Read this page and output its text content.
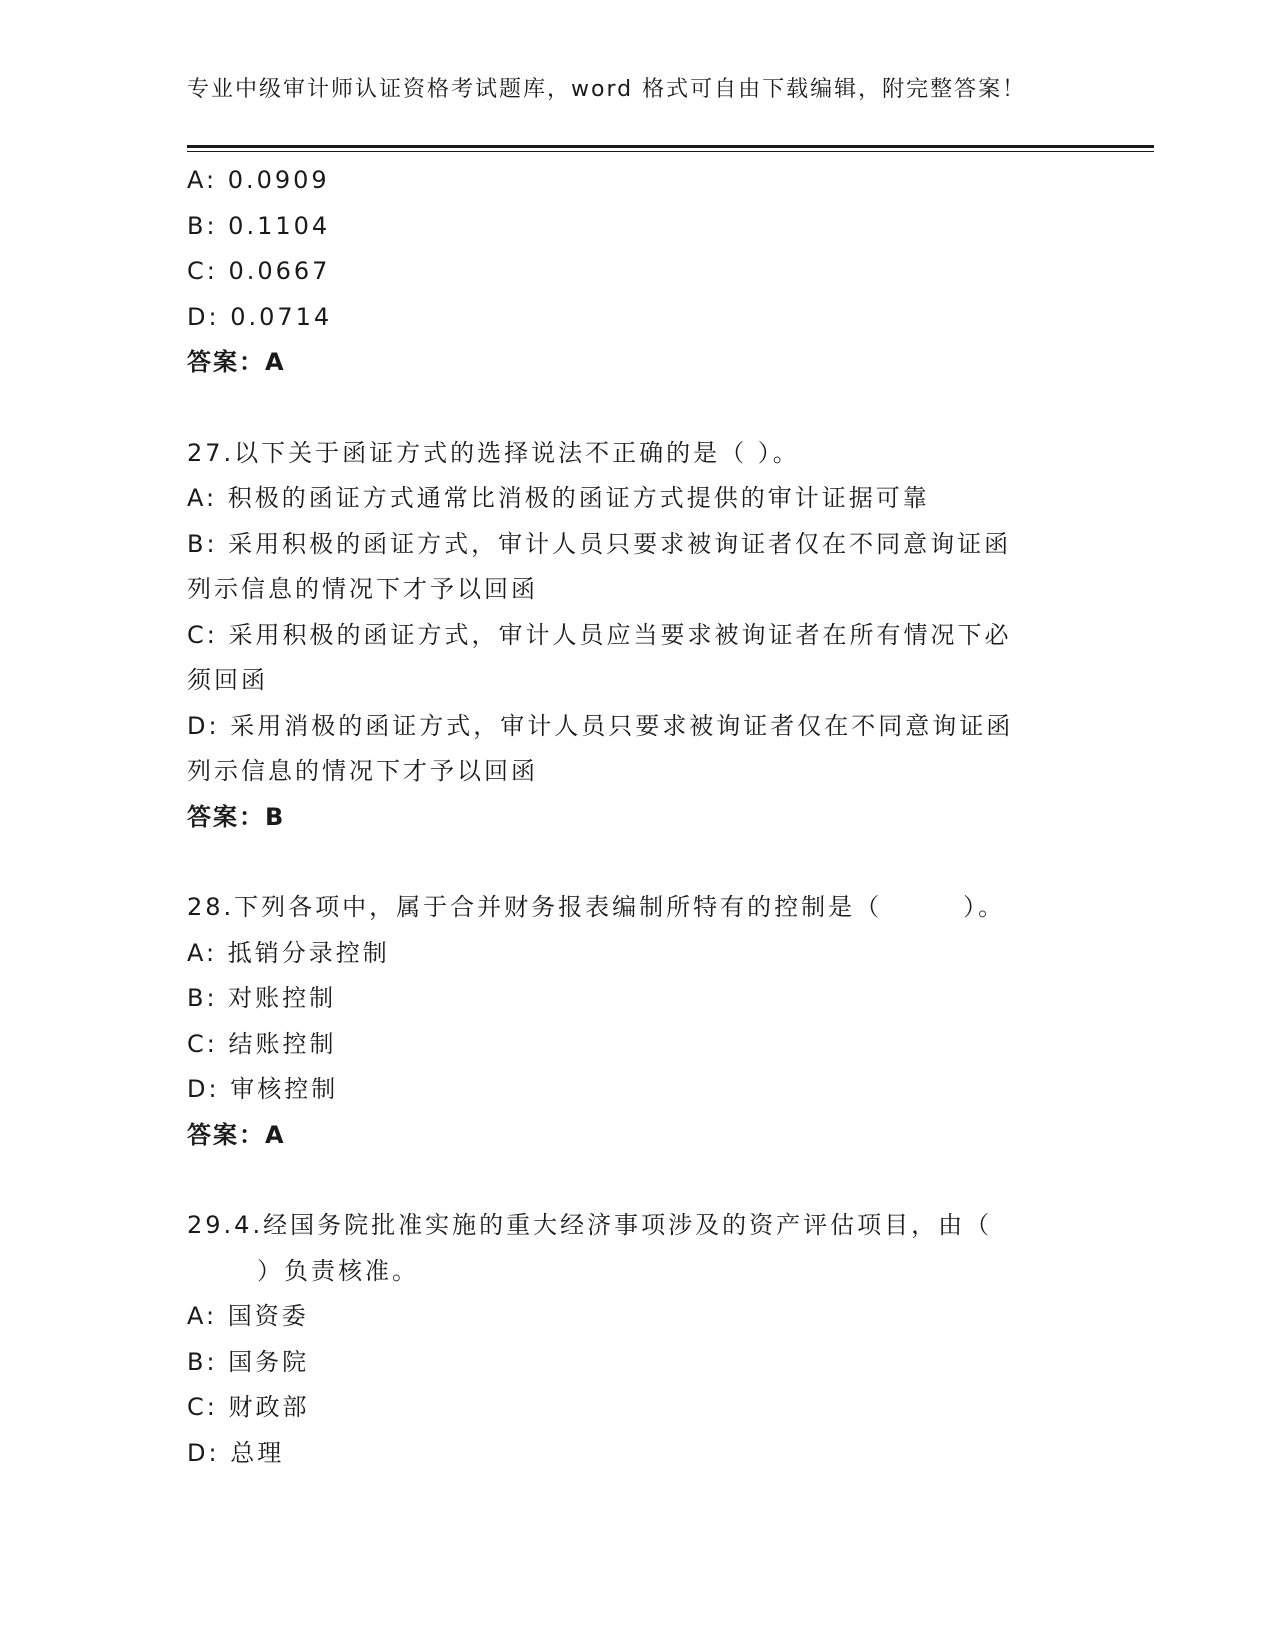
专业中级审计师认证资格考试题库，word 格式可自由下载编辑，附完整答案！
A: 0.0909
B: 0.1104
C: 0.0667
D: 0.0714
答案：A
27.以下关于函证方式的选择说法不正确的是（ ）。
A: 积极的函证方式通常比消极的函证方式提供的审计证据可靠
B: 采用积极的函证方式，审计人员只要求被询证者仅在不同意询证函
列示信息的情况下才予以回函
C: 采用积极的函证方式，审计人员应当要求被询证者在所有情况下必
须回函
D: 采用消极的函证方式，审计人员只要求被询证者仅在不同意询证函
列示信息的情况下才予以回函
答案：B
28.下列各项中，属于合并财务报表编制所特有的控制是（　　　）。
A: 抵销分录控制
B: 对账控制
C: 结账控制
D: 审核控制
答案：A
29.4.经国务院批准实施的重大经济事项涉及的资产评估项目，由（
）负责核准。
A: 国资委
B: 国务院
C: 财政部
D: 总理
